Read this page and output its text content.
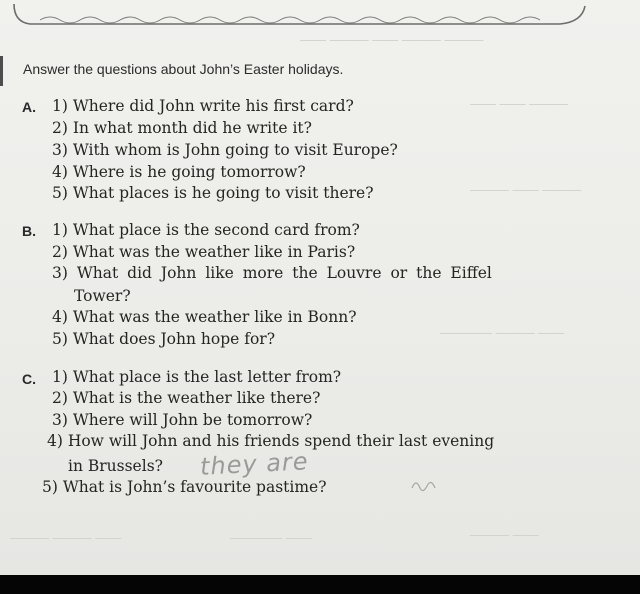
—— ——— —— ——— ———
—— —— ———
——— —— ———
———— ——— ——
——— ——— ——	———— ——	——— ——
Answer the questions about John’s Easter holidays.
A. 1) Where did John write his first card?
2) In what month did he write it?
3) With whom is John going to visit Europe?
4) Where is he going tomorrow?
5) What places is he going to visit there?
B. 1) What place is the second card from?
2) What was the weather like in Paris?
3) What did John like more the Louvre or the Eiffel
Tower?
4) What was the weather like in Bonn?
5) What does John hope for?
C. 1) What place is the last letter from?
2) What is the weather like there?
3) Where will John be tomorrow?
4) How will John and his friends spend their last evening
in Brussels?
5) What is John’s favourite pastime?
they are
